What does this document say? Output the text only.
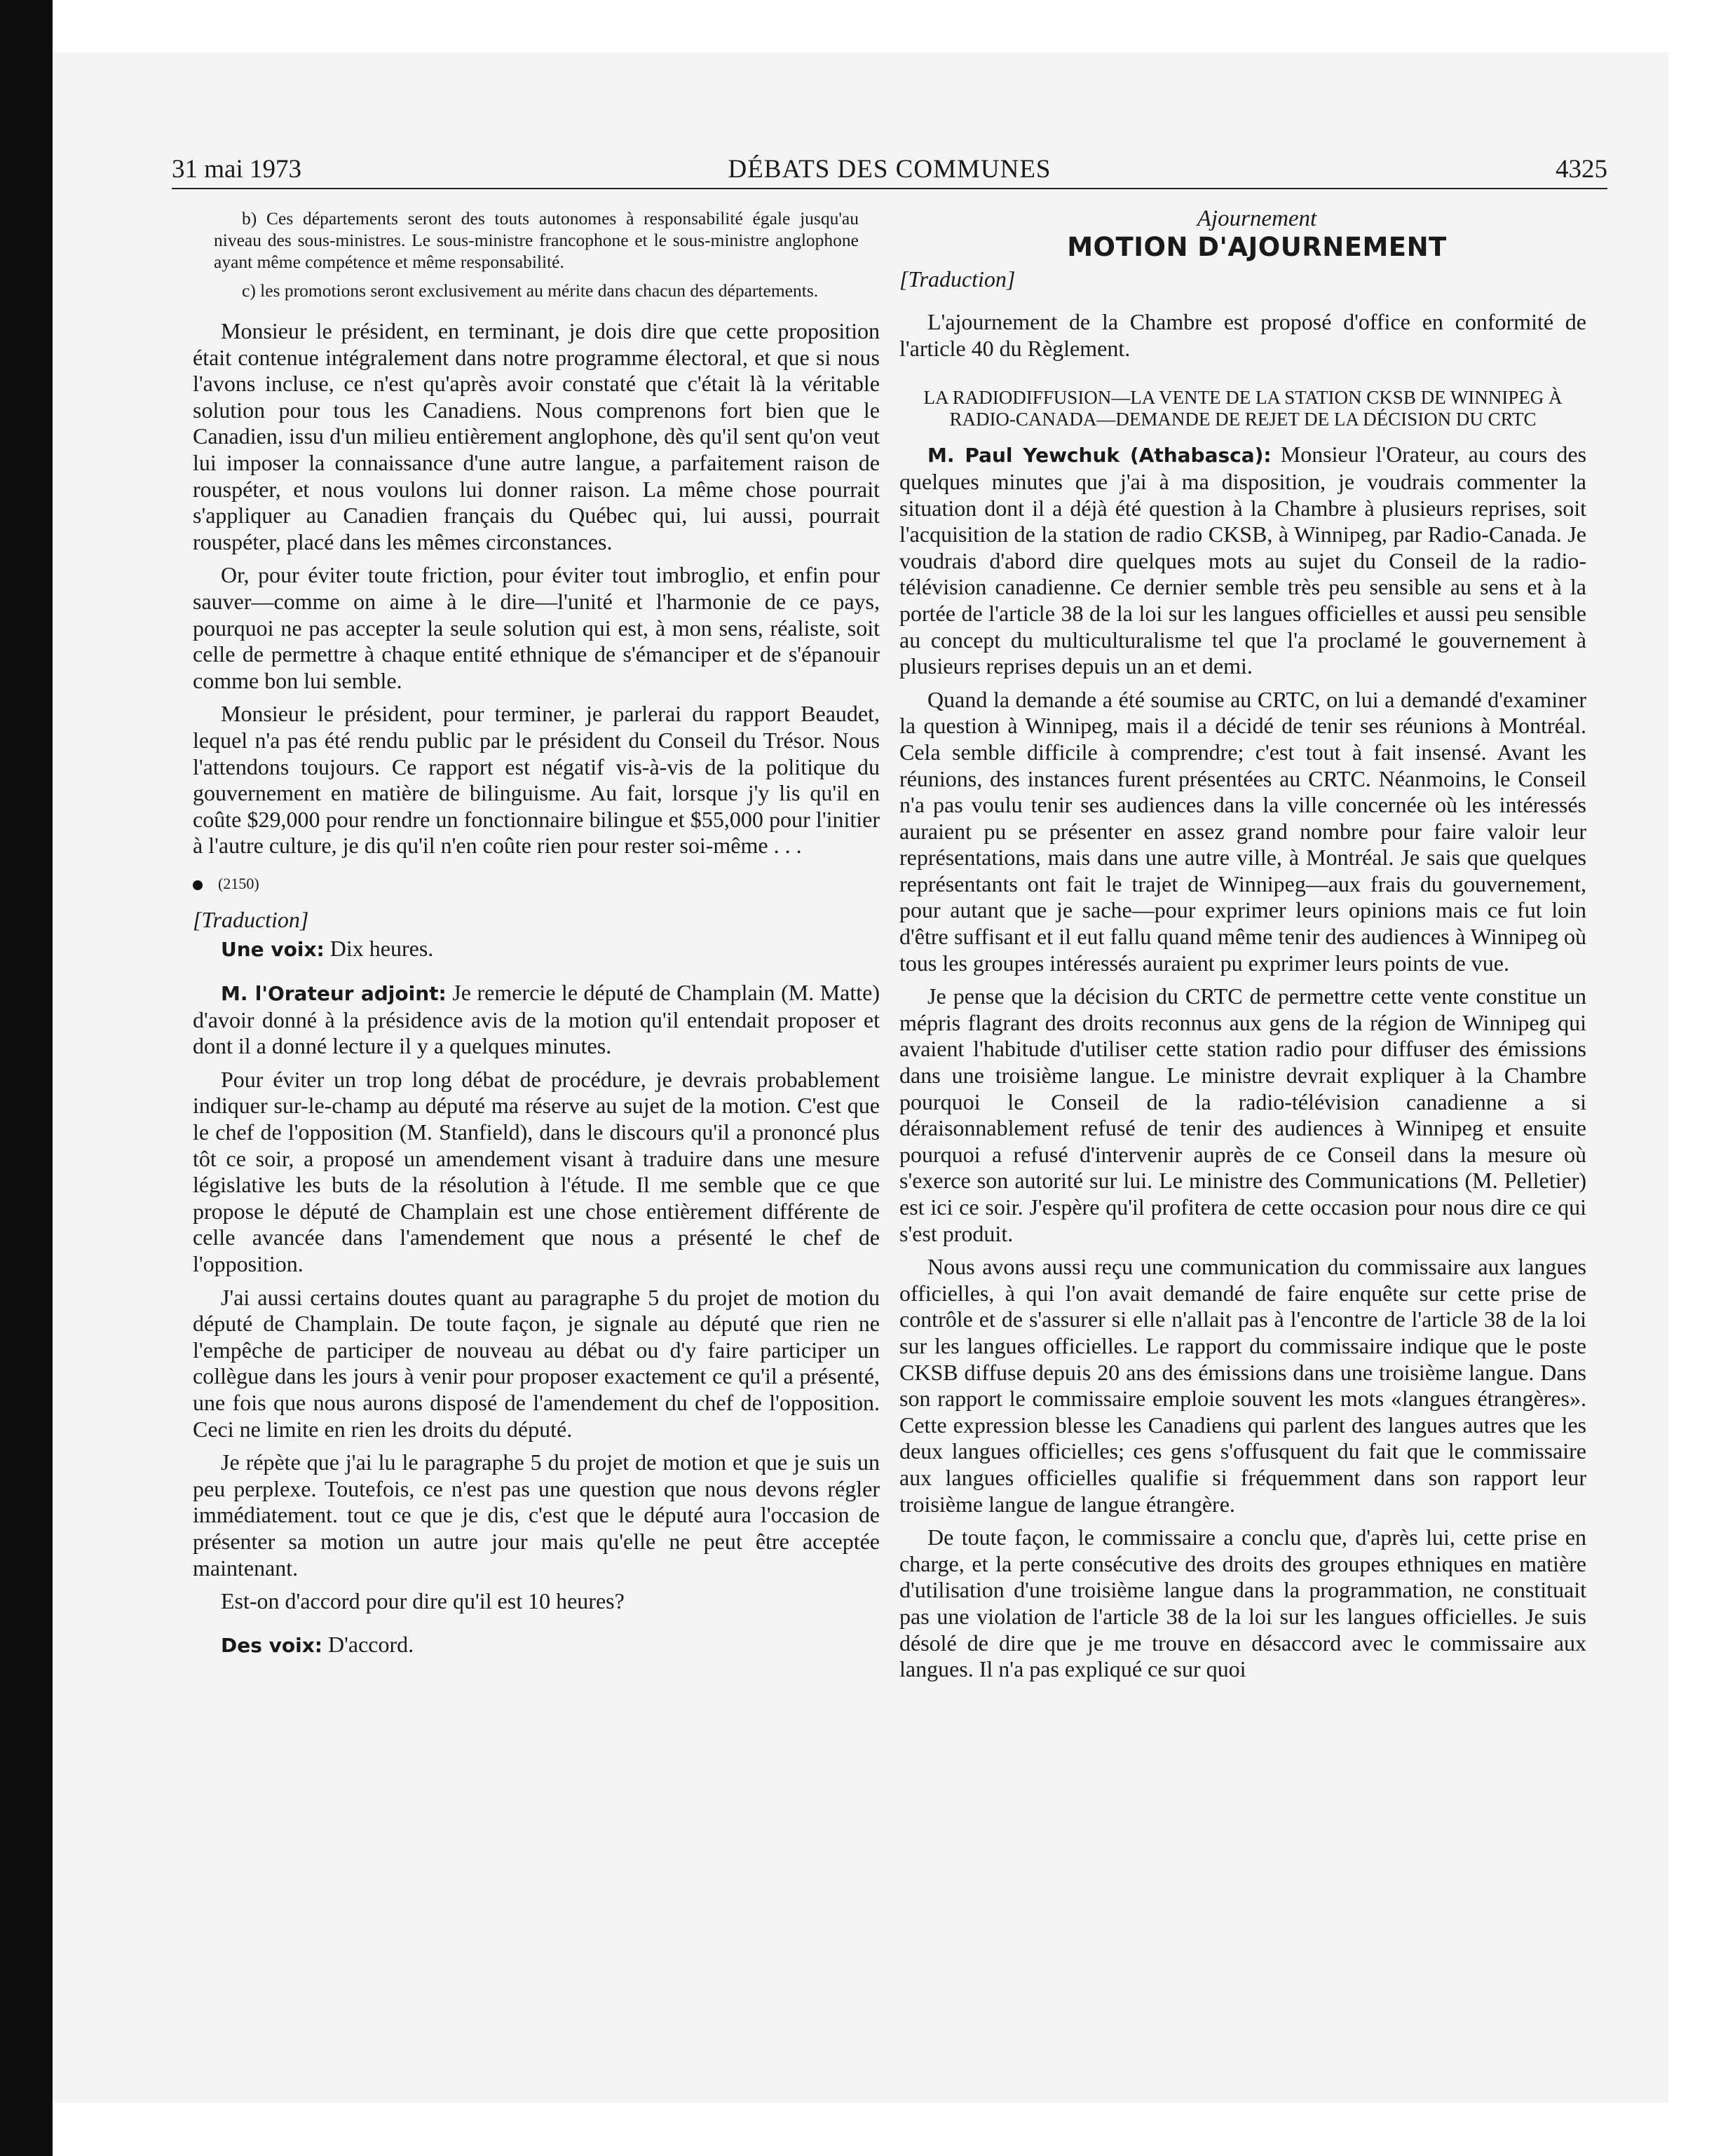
31 mai 1973	DÉBATS DES COMMUNES	4325

b) Ces départements seront des touts autonomes à responsabilité égale jusqu'au niveau des sous-ministres. Le sous-ministre francophone et le sous-ministre anglophone ayant même compétence et même responsabilité.

c) les promotions seront exclusivement au mérite dans chacun des départements.

Monsieur le président, en terminant, je dois dire que cette proposition était contenue intégralement dans notre programme électoral, et que si nous l'avons incluse, ce n'est qu'après avoir constaté que c'était là la véritable solution pour tous les Canadiens. Nous comprenons fort bien que le Canadien, issu d'un milieu entièrement anglophone, dès qu'il sent qu'on veut lui imposer la connaissance d'une autre langue, a parfaitement raison de rouspéter, et nous voulons lui donner raison. La même chose pourrait s'appliquer au Canadien français du Québec qui, lui aussi, pourrait rouspéter, placé dans les mêmes circonstances.

Or, pour éviter toute friction, pour éviter tout imbroglio, et enfin pour sauver—comme on aime à le dire—l'unité et l'harmonie de ce pays, pourquoi ne pas accepter la seule solution qui est, à mon sens, réaliste, soit celle de permettre à chaque entité ethnique de s'émanciper et de s'épanouir comme bon lui semble.

Monsieur le président, pour terminer, je parlerai du rapport Beaudet, lequel n'a pas été rendu public par le président du Conseil du Trésor. Nous l'attendons toujours. Ce rapport est négatif vis-à-vis de la politique du gouvernement en matière de bilinguisme. Au fait, lorsque j'y lis qu'il en coûte $29,000 pour rendre un fonctionnaire bilingue et $55,000 pour l'initier à l'autre culture, je dis qu'il n'en coûte rien pour rester soi-même . . .

(2150)

[Traduction]

Une voix: Dix heures.

M. l'Orateur adjoint: Je remercie le député de Champlain (M. Matte) d'avoir donné à la présidence avis de la motion qu'il entendait proposer et dont il a donné lecture il y a quelques minutes.

Pour éviter un trop long débat de procédure, je devrais probablement indiquer sur-le-champ au député ma réserve au sujet de la motion. C'est que le chef de l'opposition (M. Stanfield), dans le discours qu'il a prononcé plus tôt ce soir, a proposé un amendement visant à traduire dans une mesure législative les buts de la résolution à l'étude. Il me semble que ce que propose le député de Champlain est une chose entièrement différente de celle avancée dans l'amendement que nous a présenté le chef de l'opposition.

J'ai aussi certains doutes quant au paragraphe 5 du projet de motion du député de Champlain. De toute façon, je signale au député que rien ne l'empêche de participer de nouveau au débat ou d'y faire participer un collègue dans les jours à venir pour proposer exactement ce qu'il a présenté, une fois que nous aurons disposé de l'amendement du chef de l'opposition. Ceci ne limite en rien les droits du député.

Je répète que j'ai lu le paragraphe 5 du projet de motion et que je suis un peu perplexe. Toutefois, ce n'est pas une question que nous devons régler immédiatement. tout ce que je dis, c'est que le député aura l'occasion de présenter sa motion un autre jour mais qu'elle ne peut être acceptée maintenant.

Est-on d'accord pour dire qu'il est 10 heures?

Des voix: D'accord.

Ajournement

MOTION D'AJOURNEMENT

[Traduction]

L'ajournement de la Chambre est proposé d'office en conformité de l'article 40 du Règlement.

LA RADIODIFFUSION—LA VENTE DE LA STATION CKSB DE WINNIPEG À RADIO-CANADA—DEMANDE DE REJET DE LA DÉCISION DU CRTC

M. Paul Yewchuk (Athabasca): Monsieur l'Orateur, au cours des quelques minutes que j'ai à ma disposition, je voudrais commenter la situation dont il a déjà été question à la Chambre à plusieurs reprises, soit l'acquisition de la station de radio CKSB, à Winnipeg, par Radio-Canada. Je voudrais d'abord dire quelques mots au sujet du Conseil de la radio-télévision canadienne. Ce dernier semble très peu sensible au sens et à la portée de l'article 38 de la loi sur les langues officielles et aussi peu sensible au concept du multiculturalisme tel que l'a proclamé le gouvernement à plusieurs reprises depuis un an et demi.

Quand la demande a été soumise au CRTC, on lui a demandé d'examiner la question à Winnipeg, mais il a décidé de tenir ses réunions à Montréal. Cela semble difficile à comprendre; c'est tout à fait insensé. Avant les réunions, des instances furent présentées au CRTC. Néanmoins, le Conseil n'a pas voulu tenir ses audiences dans la ville concernée où les intéressés auraient pu se présenter en assez grand nombre pour faire valoir leur représentations, mais dans une autre ville, à Montréal. Je sais que quelques représentants ont fait le trajet de Winnipeg—aux frais du gouvernement, pour autant que je sache—pour exprimer leurs opinions mais ce fut loin d'être suffisant et il eut fallu quand même tenir des audiences à Winnipeg où tous les groupes intéressés auraient pu exprimer leurs points de vue.

Je pense que la décision du CRTC de permettre cette vente constitue un mépris flagrant des droits reconnus aux gens de la région de Winnipeg qui avaient l'habitude d'utiliser cette station radio pour diffuser des émissions dans une troisième langue. Le ministre devrait expliquer à la Chambre pourquoi le Conseil de la radio-télévision canadienne a si déraisonnablement refusé de tenir des audiences à Winnipeg et ensuite pourquoi a refusé d'intervenir auprès de ce Conseil dans la mesure où s'exerce son autorité sur lui. Le ministre des Communications (M. Pelletier) est ici ce soir. J'espère qu'il profitera de cette occasion pour nous dire ce qui s'est produit.

Nous avons aussi reçu une communication du commissaire aux langues officielles, à qui l'on avait demandé de faire enquête sur cette prise de contrôle et de s'assurer si elle n'allait pas à l'encontre de l'article 38 de la loi sur les langues officielles. Le rapport du commissaire indique que le poste CKSB diffuse depuis 20 ans des émissions dans une troisième langue. Dans son rapport le commissaire emploie souvent les mots «langues étrangères». Cette expression blesse les Canadiens qui parlent des langues autres que les deux langues officielles; ces gens s'offusquent du fait que le commissaire aux langues officielles qualifie si fréquemment dans son rapport leur troisième langue de langue étrangère.

De toute façon, le commissaire a conclu que, d'après lui, cette prise en charge, et la perte consécutive des droits des groupes ethniques en matière d'utilisation d'une troisième langue dans la programmation, ne constituait pas une violation de l'article 38 de la loi sur les langues officielles. Je suis désolé de dire que je me trouve en désaccord avec le commissaire aux langues. Il n'a pas expliqué ce sur quoi
